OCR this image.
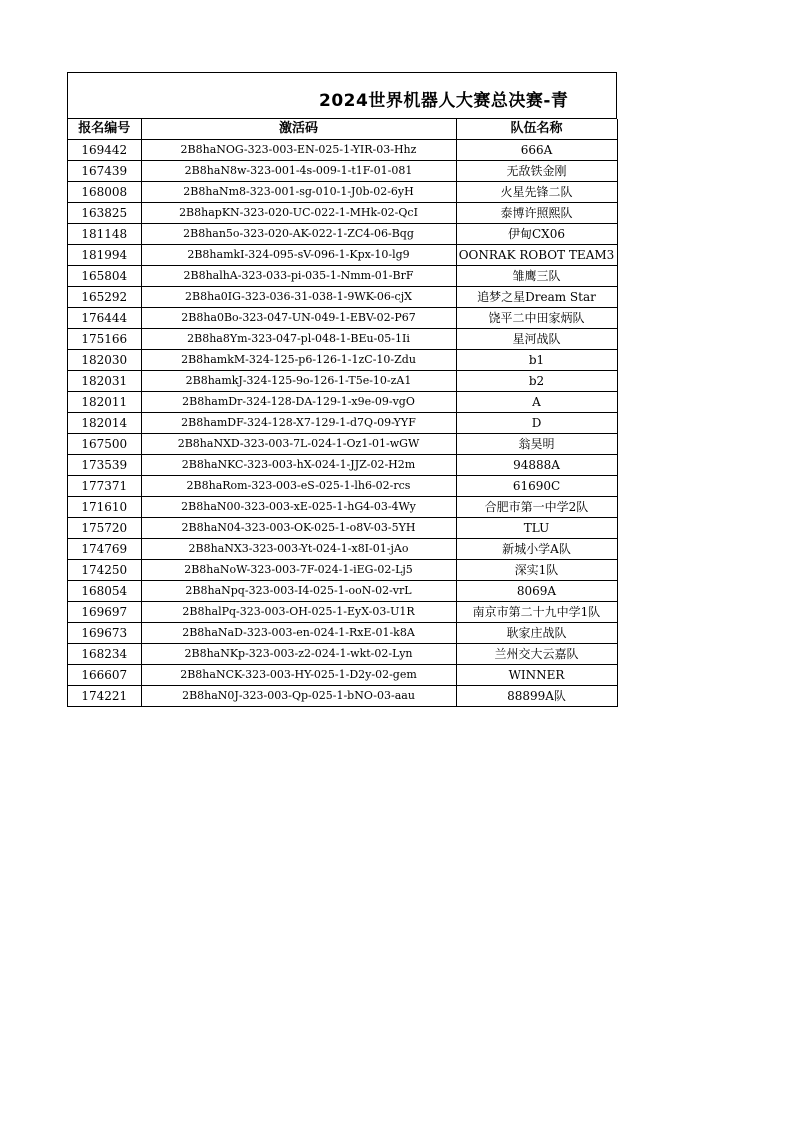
2024世界机器人大赛总决赛-青
报名编号	激活码	队伍名称
169442	2B8haNOG-323-003-EN-025-1-YIR-03-Hhz	666A
167439	2B8haN8w-323-001-4s-009-1-t1F-01-081	无敌铁金刚
168008	2B8haNm8-323-001-sg-010-1-J0b-02-6yH	火星先锋二队
163825	2B8hapKN-323-020-UC-022-1-MHk-02-QcI	泰博许照熙队
181148	2B8han5o-323-020-AK-022-1-ZC4-06-Bqg	伊甸CX06
181994	2B8hamkI-324-095-sV-096-1-Kpx-10-lg9	OONRAK ROBOT TEAM3
165804	2B8halhA-323-033-pi-035-1-Nmm-01-BrF	雏鹰三队
165292	2B8ha0IG-323-036-31-038-1-9WK-06-cjX	追梦之星Dream Star
176444	2B8ha0Bo-323-047-UN-049-1-EBV-02-P67	饶平二中田家炳队
175166	2B8ha8Ym-323-047-pl-048-1-BEu-05-1Ii	星河战队
182030	2B8hamkM-324-125-p6-126-1-1zC-10-Zdu	b1
182031	2B8hamkJ-324-125-9o-126-1-T5e-10-zA1	b2
182011	2B8hamDr-324-128-DA-129-1-x9e-09-vgO	A
182014	2B8hamDF-324-128-X7-129-1-d7Q-09-YYF	D
167500	2B8haNXD-323-003-7L-024-1-Oz1-01-wGW	翁昊明
173539	2B8haNKC-323-003-hX-024-1-JJZ-02-H2m	94888A
177371	2B8haRom-323-003-eS-025-1-lh6-02-rcs	61690C
171610	2B8haN00-323-003-xE-025-1-hG4-03-4Wy	合肥市第一中学2队
175720	2B8haN04-323-003-OK-025-1-o8V-03-5YH	TLU
174769	2B8haNX3-323-003-Yt-024-1-x8I-01-jAo	新城小学A队
174250	2B8haNoW-323-003-7F-024-1-iEG-02-Lj5	深实1队
168054	2B8haNpq-323-003-I4-025-1-ooN-02-vrL	8069A
169697	2B8halPq-323-003-OH-025-1-EyX-03-U1R	南京市第二十九中学1队
169673	2B8haNaD-323-003-en-024-1-RxE-01-k8A	耿家庄战队
168234	2B8haNKp-323-003-z2-024-1-wkt-02-Lyn	兰州交大云嘉队
166607	2B8haNCK-323-003-HY-025-1-D2y-02-gem	WINNER
174221	2B8haN0J-323-003-Qp-025-1-bNO-03-aau	88899A队
